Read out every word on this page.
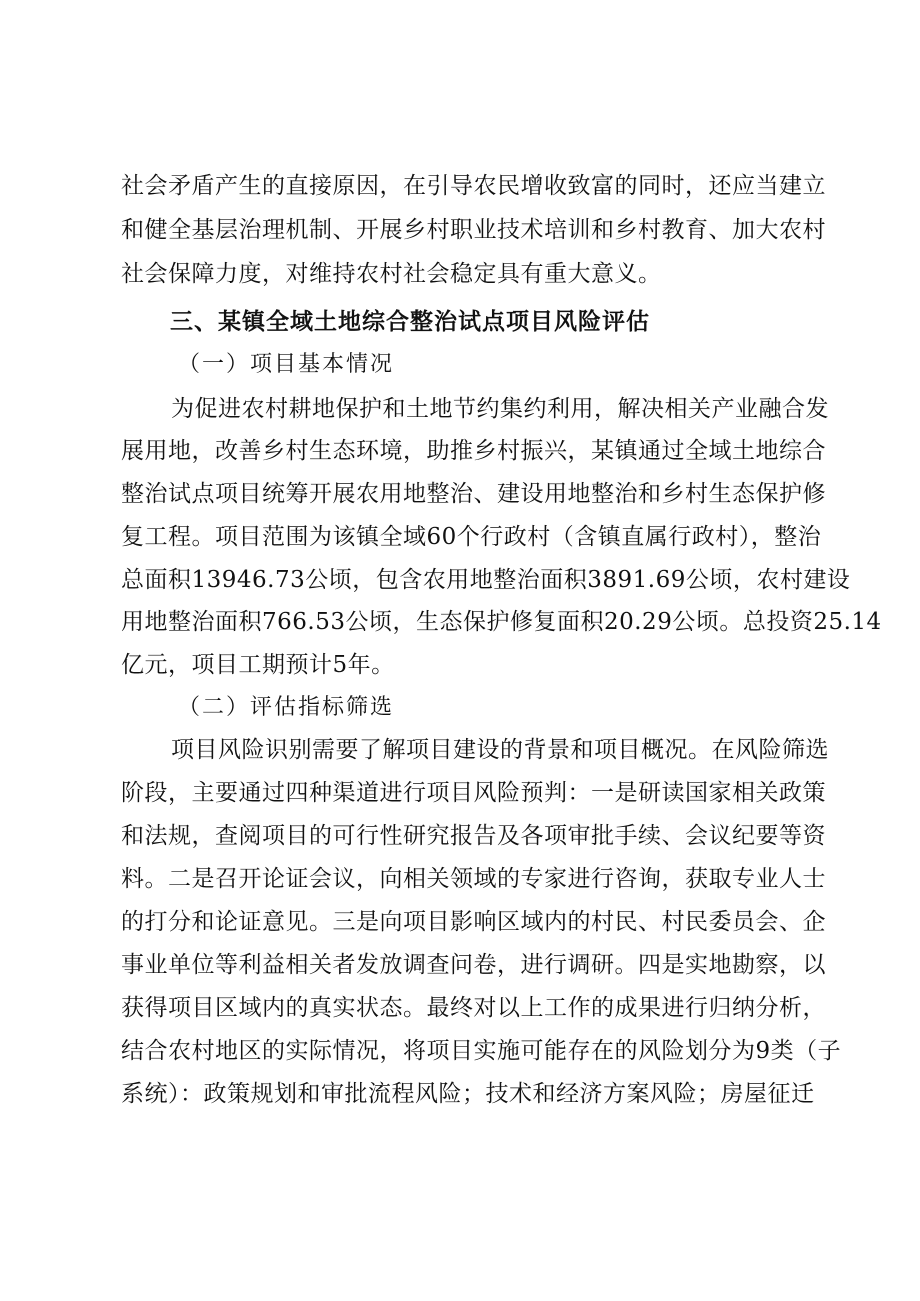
社会矛盾产生的直接原因，在引导农民增收致富的同时，还应当建立
和健全基层治理机制、开展乡村职业技术培训和乡村教育、加大农村
社会保障力度，对维持农村社会稳定具有重大意义。
三、某镇全域土地综合整治试点项目风险评估
（一）项目基本情况
为促进农村耕地保护和土地节约集约利用，解决相关产业融合发
展用地，改善乡村生态环境，助推乡村振兴，某镇通过全域土地综合
整治试点项目统筹开展农用地整治、建设用地整治和乡村生态保护修
复工程。项目范围为该镇全域60个行政村（含镇直属行政村），整治
总面积13946.73公顷，包含农用地整治面积3891.69公顷，农村建设
用地整治面积766.53公顷，生态保护修复面积20.29公顷。总投资25.14
亿元，项目工期预计5年。
（二）评估指标筛选
项目风险识别需要了解项目建设的背景和项目概况。在风险筛选
阶段，主要通过四种渠道进行项目风险预判：一是研读国家相关政策
和法规，查阅项目的可行性研究报告及各项审批手续、会议纪要等资
料。二是召开论证会议，向相关领域的专家进行咨询，获取专业人士
的打分和论证意见。三是向项目影响区域内的村民、村民委员会、企
事业单位等利益相关者发放调查问卷，进行调研。四是实地勘察，以
获得项目区域内的真实状态。最终对以上工作的成果进行归纳分析，
结合农村地区的实际情况，将项目实施可能存在的风险划分为9类（子
系统）：政策规划和审批流程风险；技术和经济方案风险；房屋征迁
